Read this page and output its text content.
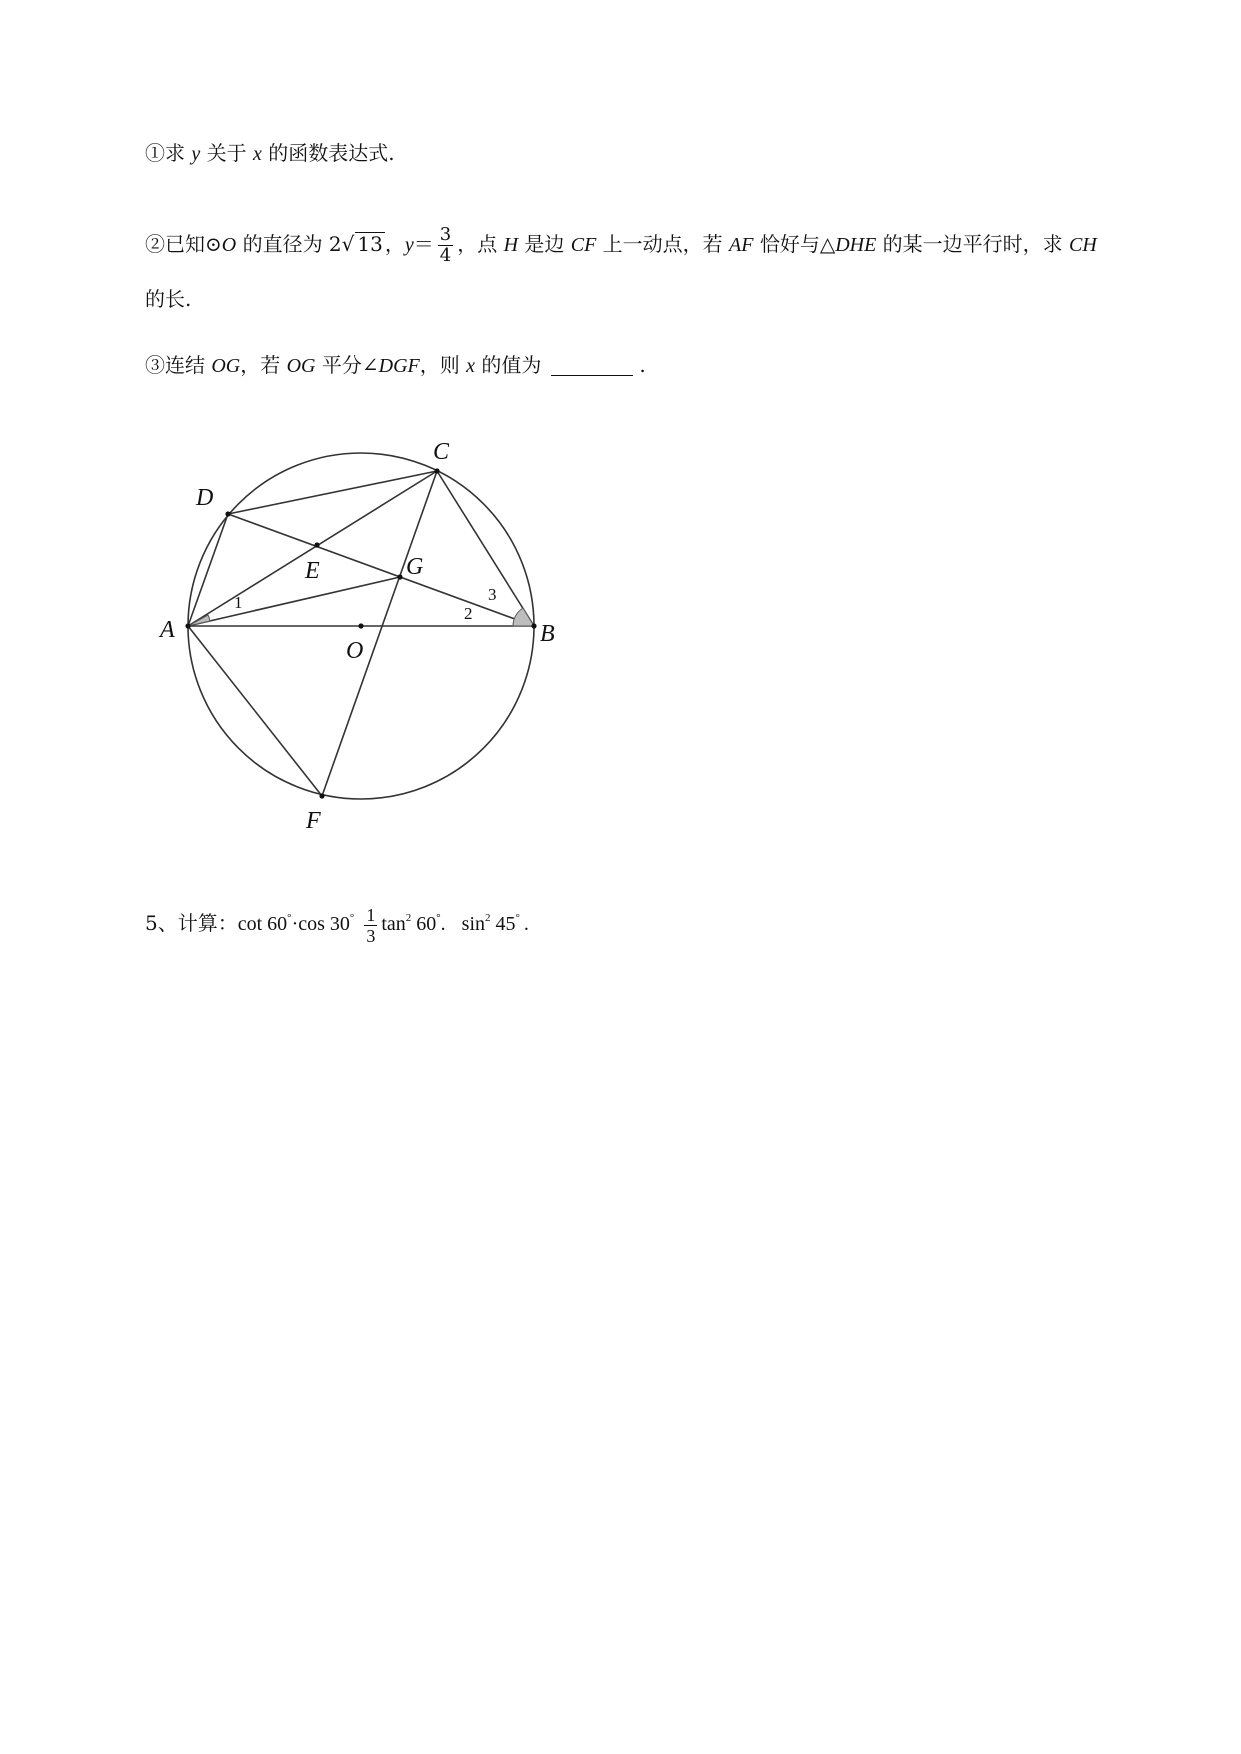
①求 y 关于 x 的函数表达式.
②已知⊙O 的直径为 2√ 13 ，$y= \frac{3}{4}$ ，点 H 是边 CF 上一动点，若 AF 恰好与△DHE 的某一边平行时，求 CH
的长.
③连结 OG，若 OG 平分∠DGF，则 x 的值为	.
A	B
C
D
E
F
G
O
1
2
3
5、计算：cot 60°·cos $30^\circ \frac{1}{3} \tan^2 60^\circ$. $\sin^2 45^\circ$ .
